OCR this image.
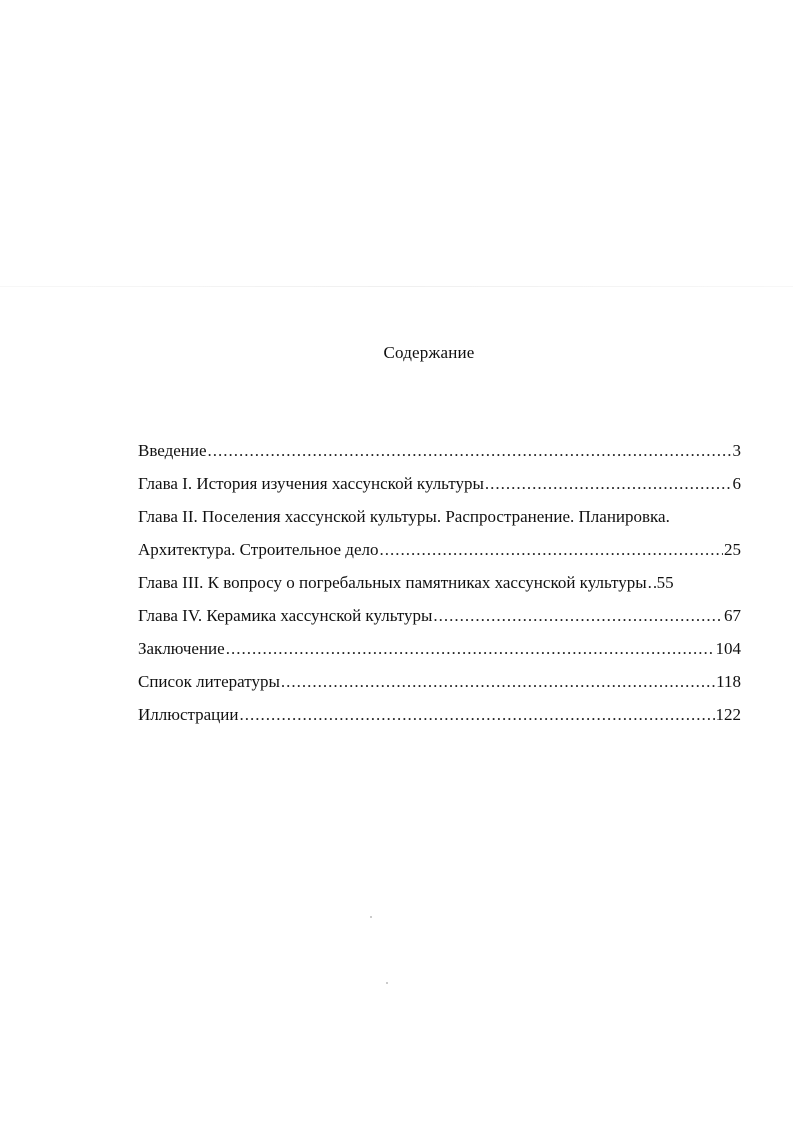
Содержание
Введение .....	3
Глава I. История изучения хассунской культуры .....	6
Глава II. Поселения хассунской культуры. Распространение. Планировка.
Архитектура. Строительное дело .....	25
Глава III. К вопросу о погребальных памятниках хассунской культуры ..... 55
Глава IV. Керамика хассунской культуры .....	67
Заключение .....	104
Список литературы .....	118
Иллюстрации .....	122
